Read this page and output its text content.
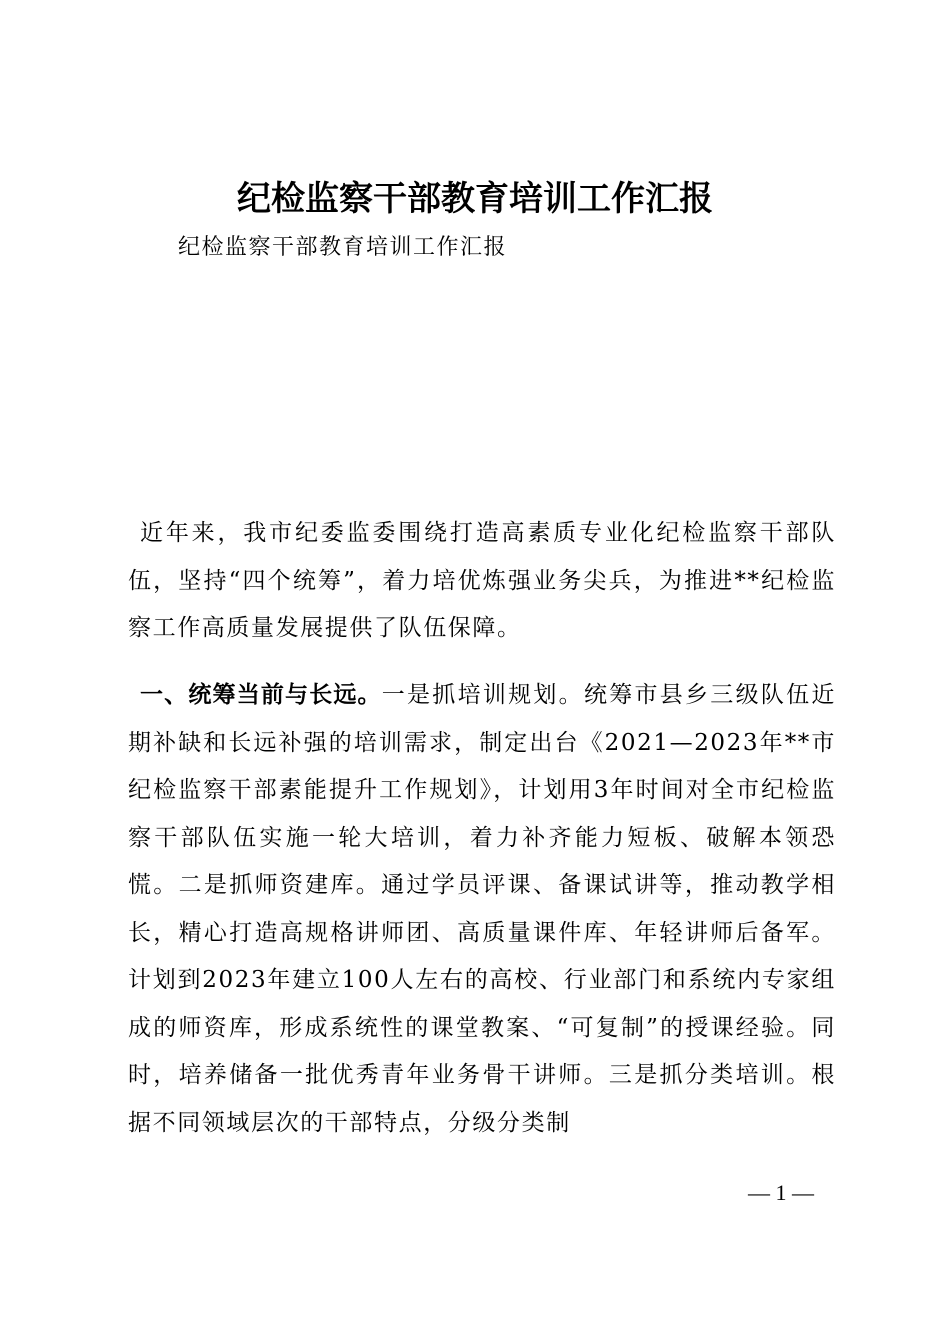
纪检监察干部教育培训工作汇报
纪检监察干部教育培训工作汇报

近年来，我市纪委监委围绕打造高素质专业化纪检监察干部队伍，坚持“四个统筹”，着力培优炼强业务尖兵，为推进**纪检监察工作高质量发展提供了队伍保障。

一、统筹当前与长远。一是抓培训规划。统筹市县乡三级队伍近期补缺和长远补强的培训需求，制定出台《2021—2023年**市纪检监察干部素能提升工作规划》，计划用3年时间对全市纪检监察干部队伍实施一轮大培训，着力补齐能力短板、破解本领恐慌。二是抓师资建库。通过学员评课、备课试讲等，推动教学相长，精心打造高规格讲师团、高质量课件库、年轻讲师后备军。计划到2023年建立100人左右的高校、行业部门和系统内专家组成的师资库，形成系统性的课堂教案、“可复制”的授课经验。同时，培养储备一批优秀青年业务骨干讲师。三是抓分类培训。根据不同领域层次的干部特点，分级分类制

— 1 —
